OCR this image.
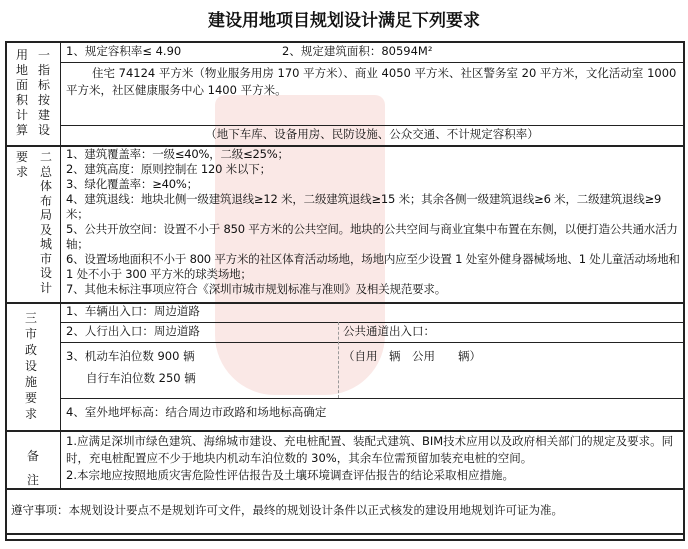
建设用地项目规划设计满足下列要求
用地面积计算
一指标按建设
1、规定容积率≤ 4.90	2、规定建筑面积：80594M²
住宅 74124 平方米（物业服务用房 170 平方米）、商业 4050 平方米、社区警务室 20 平方米，文化活动室 1000 平方米，社区健康服务中心 1400 平方米。
（地下车库、设备用房、民防设施、公众交通、不计规定容积率）
要求
二总体布局及城市设计
1、建筑覆盖率：一级≤40%，二级≤25%；
2、建筑高度：原则控制在 120 米以下；
3、绿化覆盖率：≥40%；
4、建筑退线：地块北侧一级建筑退线≥12 米，二级建筑退线≥15 米；其余各侧一级建筑退线≥6 米，二级建筑退线≥9 米；
5、公共开放空间：设置不小于 850 平方米的公共空间。地块的公共空间与商业宜集中布置在东侧，以便打造公共通水活力轴；
6、设置场地面积不小于 800 平方米的社区体育活动场地，场地内应至少设置 1 处室外健身器械场地、1 处儿童活动场地和 1 处不小于 300 平方米的球类场地；
7、其他未标注事项应符合《深圳市城市规划标准与准则》及相关规范要求。
三市政设施要求
1、车辆出入口：周边道路
2、人行出入口：周边道路	公共通道出入口：
3、机动车泊位数 900 辆	（自用　辆　公用　　辆）
自行车泊位数 250 辆
4、室外地坪标高：结合周边市政路和场地标高确定
备注
1.应满足深圳市绿色建筑、海绵城市建设、充电桩配置、装配式建筑、BIM技术应用以及政府相关部门的规定及要求。同时，充电桩配置应不少于地块内机动车泊位数的 30%，其余车位需预留加装充电桩的空间。
2.本宗地应按照地质灾害危险性评估报告及土壤环境调查评估报告的结论采取相应措施。
遵守事项：本规划设计要点不是规划许可文件，最终的规划设计条件以正式核发的建设用地规划许可证为准。
